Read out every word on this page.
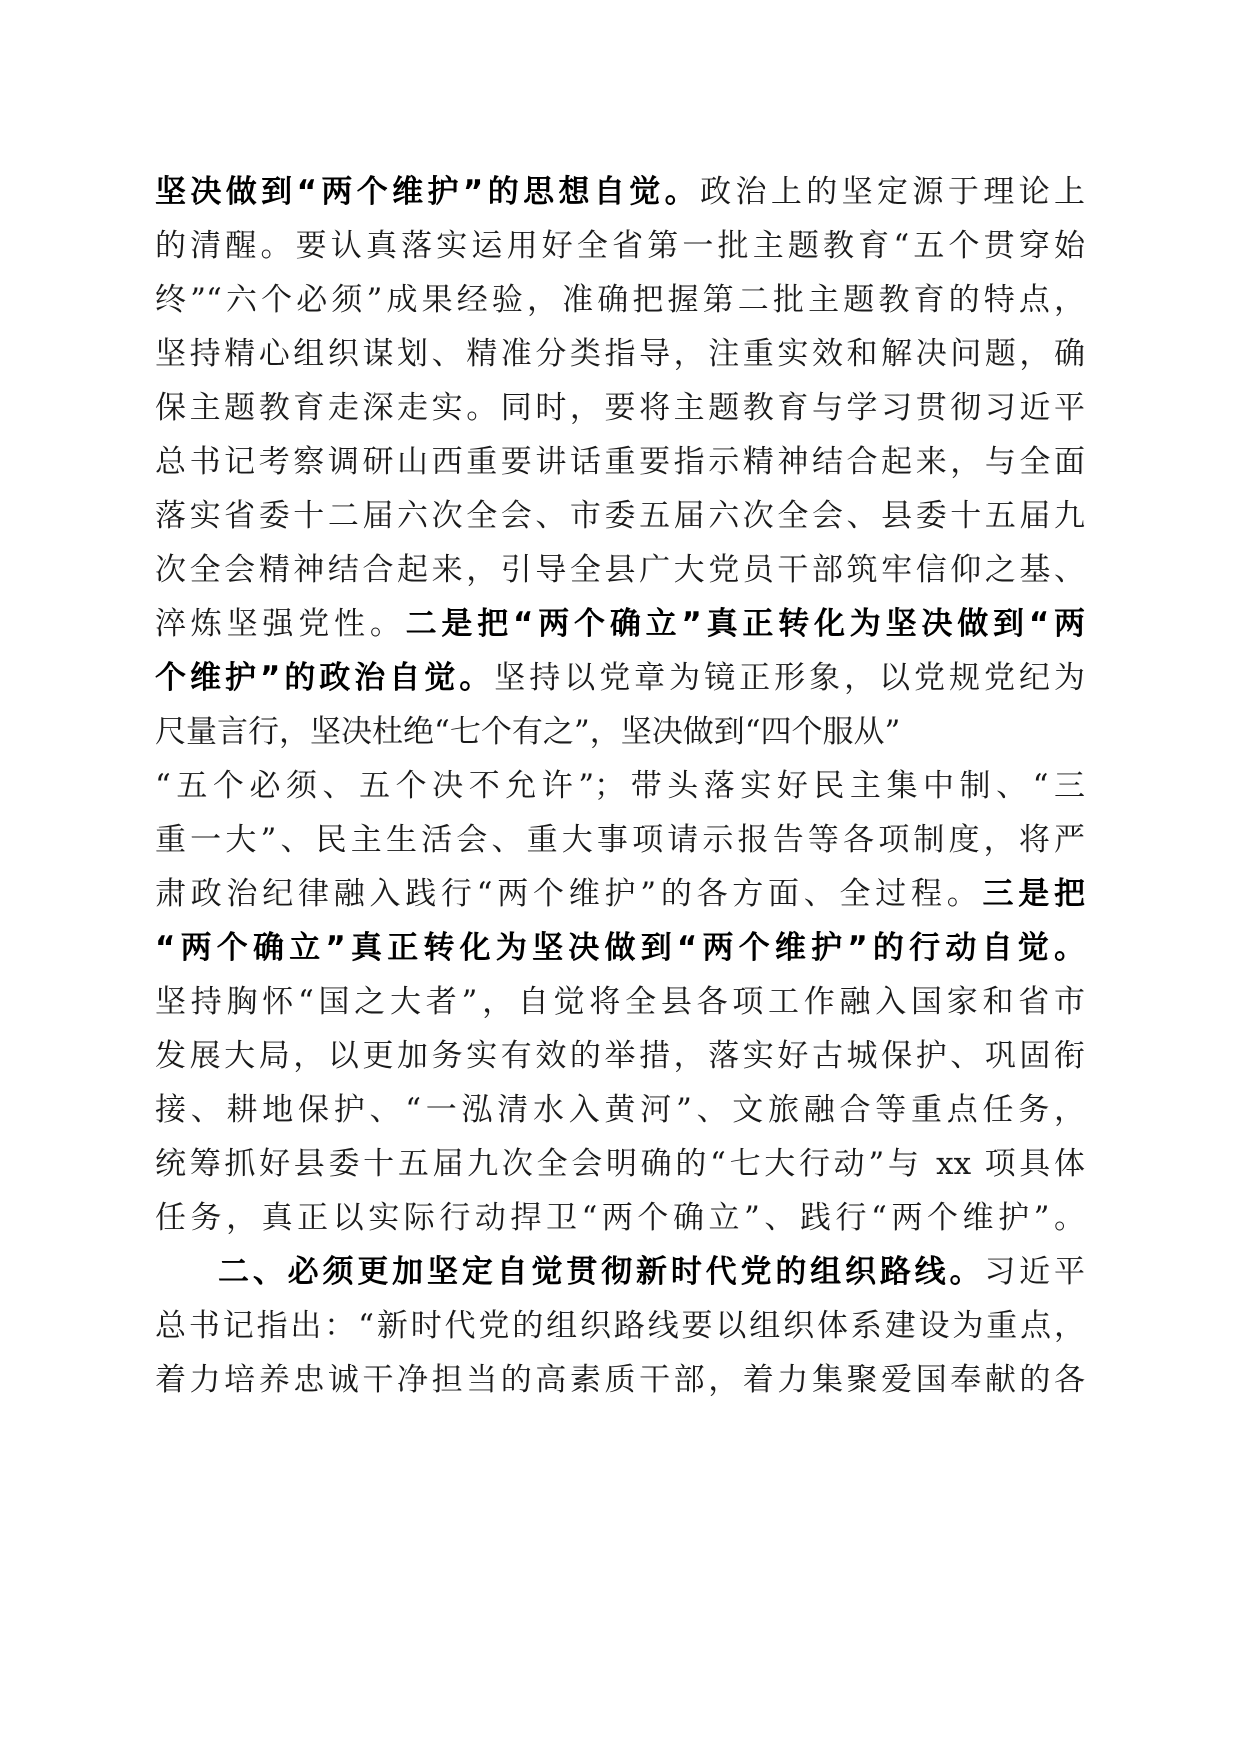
坚决做到“两个维护”的思想自觉。政治上的坚定源于理论上
的清醒。要认真落实运用好全省第一批主题教育“五个贯穿始
终”“六个必须”成果经验，准确把握第二批主题教育的特点，
坚持精心组织谋划、精准分类指导，注重实效和解决问题，确
保主题教育走深走实。同时，要将主题教育与学习贯彻习近平
总书记考察调研山西重要讲话重要指示精神结合起来，与全面
落实省委十二届六次全会、市委五届六次全会、县委十五届九
次全会精神结合起来，引导全县广大党员干部筑牢信仰之基、
淬炼坚强党性。二是把“两个确立”真正转化为坚决做到“两
个维护”的政治自觉。坚持以党章为镜正形象，以党规党纪为
尺量言行，坚决杜绝“七个有之”，坚决做到“四个服从”
“五个必须、五个决不允许”；带头落实好民主集中制、“三
重一大”、民主生活会、重大事项请示报告等各项制度，将严
肃政治纪律融入践行“两个维护”的各方面、全过程。三是把
“两个确立”真正转化为坚决做到“两个维护”的行动自觉。
坚持胸怀“国之大者”，自觉将全县各项工作融入国家和省市
发展大局，以更加务实有效的举措，落实好古城保护、巩固衔
接、耕地保护、“一泓清水入黄河”、文旅融合等重点任务，
统筹抓好县委十五届九次全会明确的“七大行动”与 xx 项具体
任务，真正以实际行动捍卫“两个确立”、践行“两个维护”。
二、必须更加坚定自觉贯彻新时代党的组织路线。习近平
总书记指出：“新时代党的组织路线要以组织体系建设为重点，
着力培养忠诚干净担当的高素质干部，着力集聚爱国奉献的各
